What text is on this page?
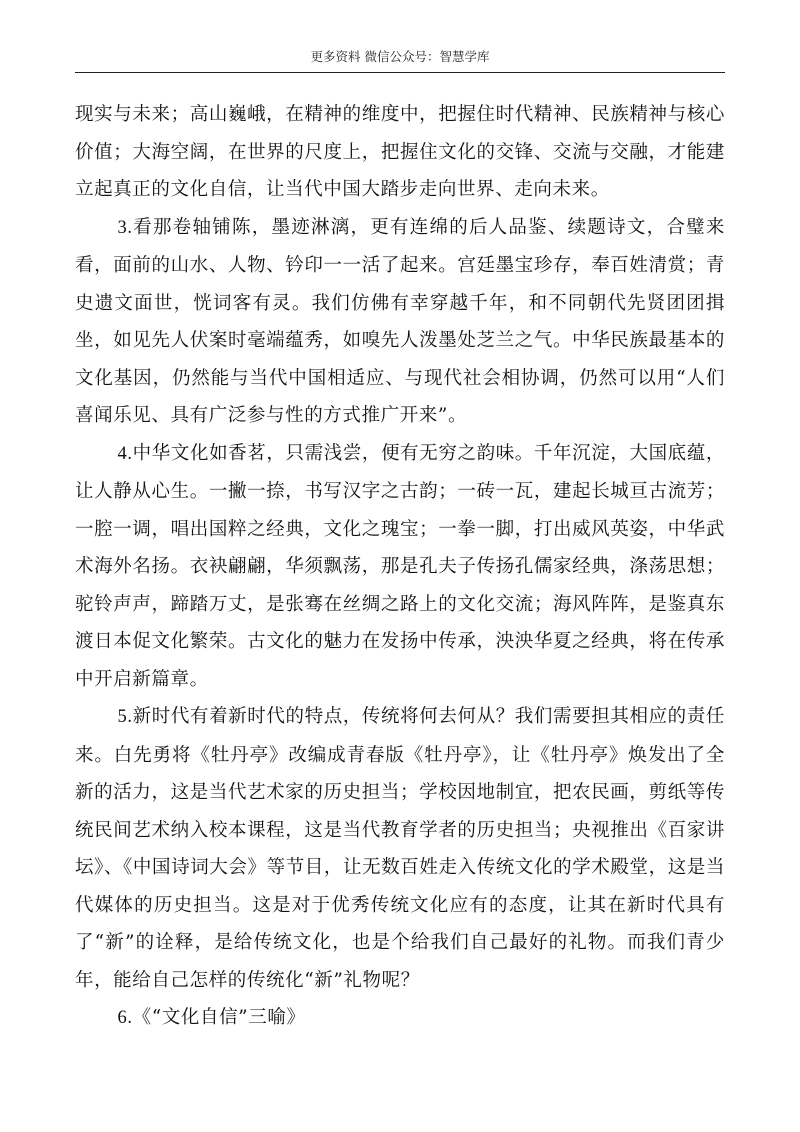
更多资料 微信公众号：智慧学库

现实与未来；高山巍峨，在精神的维度中，把握住时代精神、民族精神与核心价值；大海空阔，在世界的尺度上，把握住文化的交锋、交流与交融，才能建立起真正的文化自信，让当代中国大踏步走向世界、走向未来。

3.看那卷轴铺陈，墨迹淋漓，更有连绵的后人品鉴、续题诗文，合璧来看，面前的山水、人物、钤印一一活了起来。宫廷墨宝珍存，奉百姓清赏；青史遗文面世，恍词客有灵。我们仿佛有幸穿越千年，和不同朝代先贤团团揖坐，如见先人伏案时毫端蕴秀，如嗅先人泼墨处芝兰之气。中华民族最基本的文化基因，仍然能与当代中国相适应、与现代社会相协调，仍然可以用“人们喜闻乐见、具有广泛参与性的方式推广开来”。

4.中华文化如香茗，只需浅尝，便有无穷之韵味。千年沉淀，大国底蕴，让人静从心生。一撇一捺，书写汉字之古韵；一砖一瓦，建起长城亘古流芳；一腔一调，唱出国粹之经典，文化之瑰宝；一拳一脚，打出威风英姿，中华武术海外名扬。衣袂翩翩，华须飘荡，那是孔夫子传扬孔儒家经典，涤荡思想；驼铃声声，蹄踏万丈，是张骞在丝绸之路上的文化交流；海风阵阵，是鉴真东渡日本促文化繁荣。古文化的魅力在发扬中传承，泱泱华夏之经典，将在传承中开启新篇章。

5.新时代有着新时代的特点，传统将何去何从？我们需要担其相应的责任来。白先勇将《牡丹亭》改编成青春版《牡丹亭》，让《牡丹亭》焕发出了全新的活力，这是当代艺术家的历史担当；学校因地制宜，把农民画，剪纸等传统民间艺术纳入校本课程，这是当代教育学者的历史担当；央视推出《百家讲坛》、《中国诗词大会》等节目，让无数百姓走入传统文化的学术殿堂，这是当代媒体的历史担当。这是对于优秀传统文化应有的态度，让其在新时代具有了“新”的诠释，是给传统文化，也是个给我们自己最好的礼物。而我们青少年，能给自己怎样的传统化“新”礼物呢？

6.《“文化自信”三喻》
